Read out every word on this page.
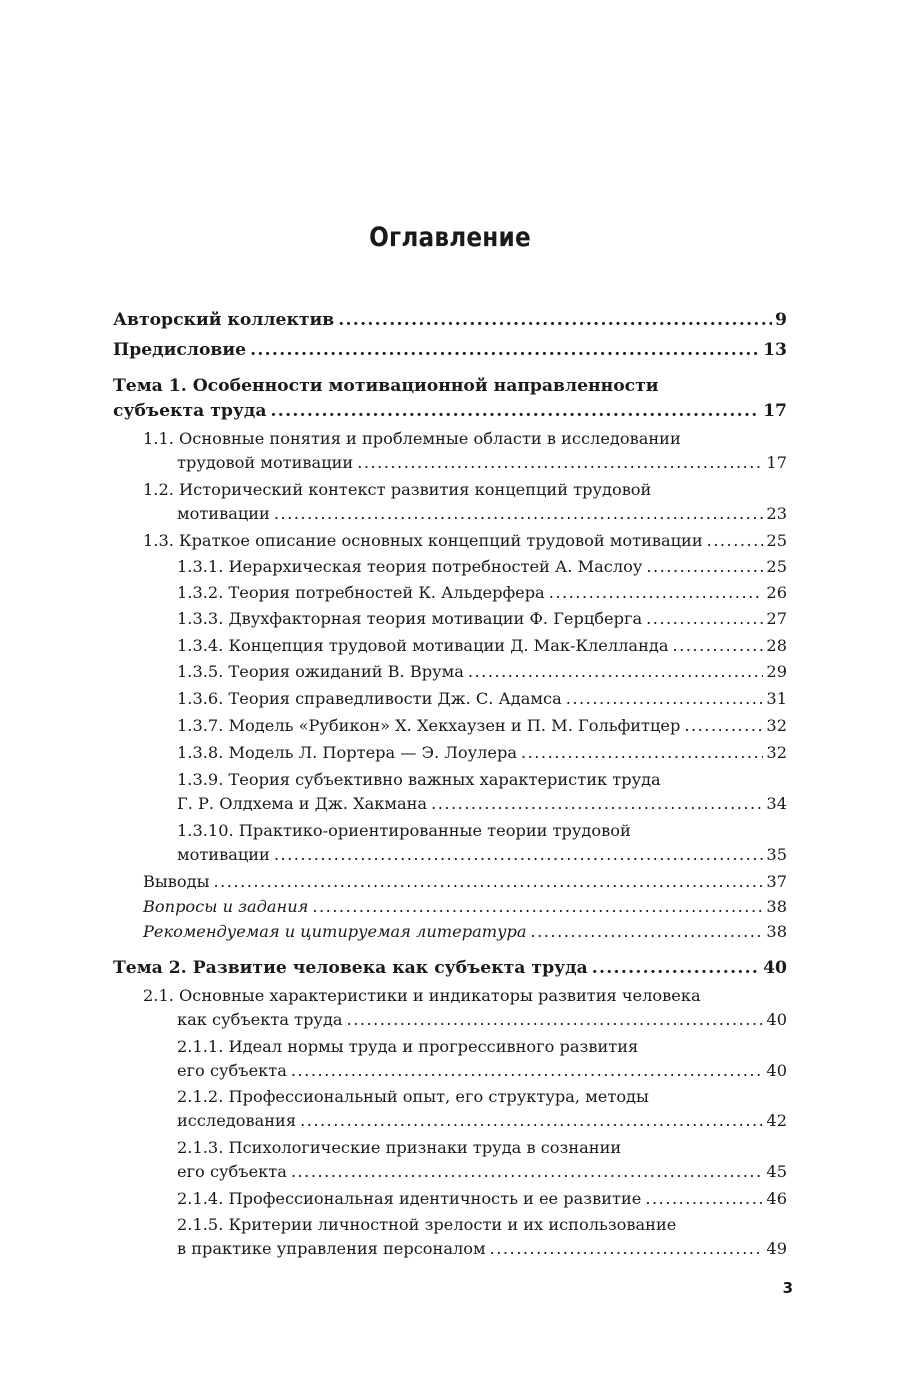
Оглавление
Авторский коллектив .....	9
Предисловие .....	13
Тема 1. Особенности мотивационной направленности
субъекта труда .....	17
1.1. Основные понятия и проблемные области в исследовании
трудовой мотивации .....	17
1.2. Исторический контекст развития концепций трудовой
мотивации .....	23
1.3. Краткое описание основных концепций трудовой мотивации .....	25
1.3.1. Иерархическая теория потребностей А. Маслоу .....	25
1.3.2. Теория потребностей К. Альдерфера .....	26
1.3.3. Двухфакторная теория мотивации Ф. Герцберга .....	27
1.3.4. Концепция трудовой мотивации Д. Мак-Клелланда .....	28
1.3.5. Теория ожиданий В. Врума .....	29
1.3.6. Теория справедливости Дж. С. Адамса .....	31
1.3.7. Модель «Рубикон» Х. Хекхаузен и П. М. Гольфитцер .....	32
1.3.8. Модель Л. Портера — Э. Лоулера .....	32
1.3.9. Теория субъективно важных характеристик труда
Г. Р. Олдхема и Дж. Хакмана .....	34
1.3.10. Практико-ориентированные теории трудовой
мотивации .....	35
Выводы .....	37
Вопросы и задания .....	38
Рекомендуемая и цитируемая литература .....	38
Тема 2. Развитие человека как субъекта труда .....	40
2.1. Основные характеристики и индикаторы развития человека
как субъекта труда .....	40
2.1.1. Идеал нормы труда и прогрессивного развития
его субъекта .....	40
2.1.2. Профессиональный опыт, его структура, методы
исследования .....	42
2.1.3. Психологические признаки труда в сознании
его субъекта .....	45
2.1.4. Профессиональная идентичность и ее развитие .....	46
2.1.5. Критерии личностной зрелости и их использование
в практике управления персоналом .....	49
3
